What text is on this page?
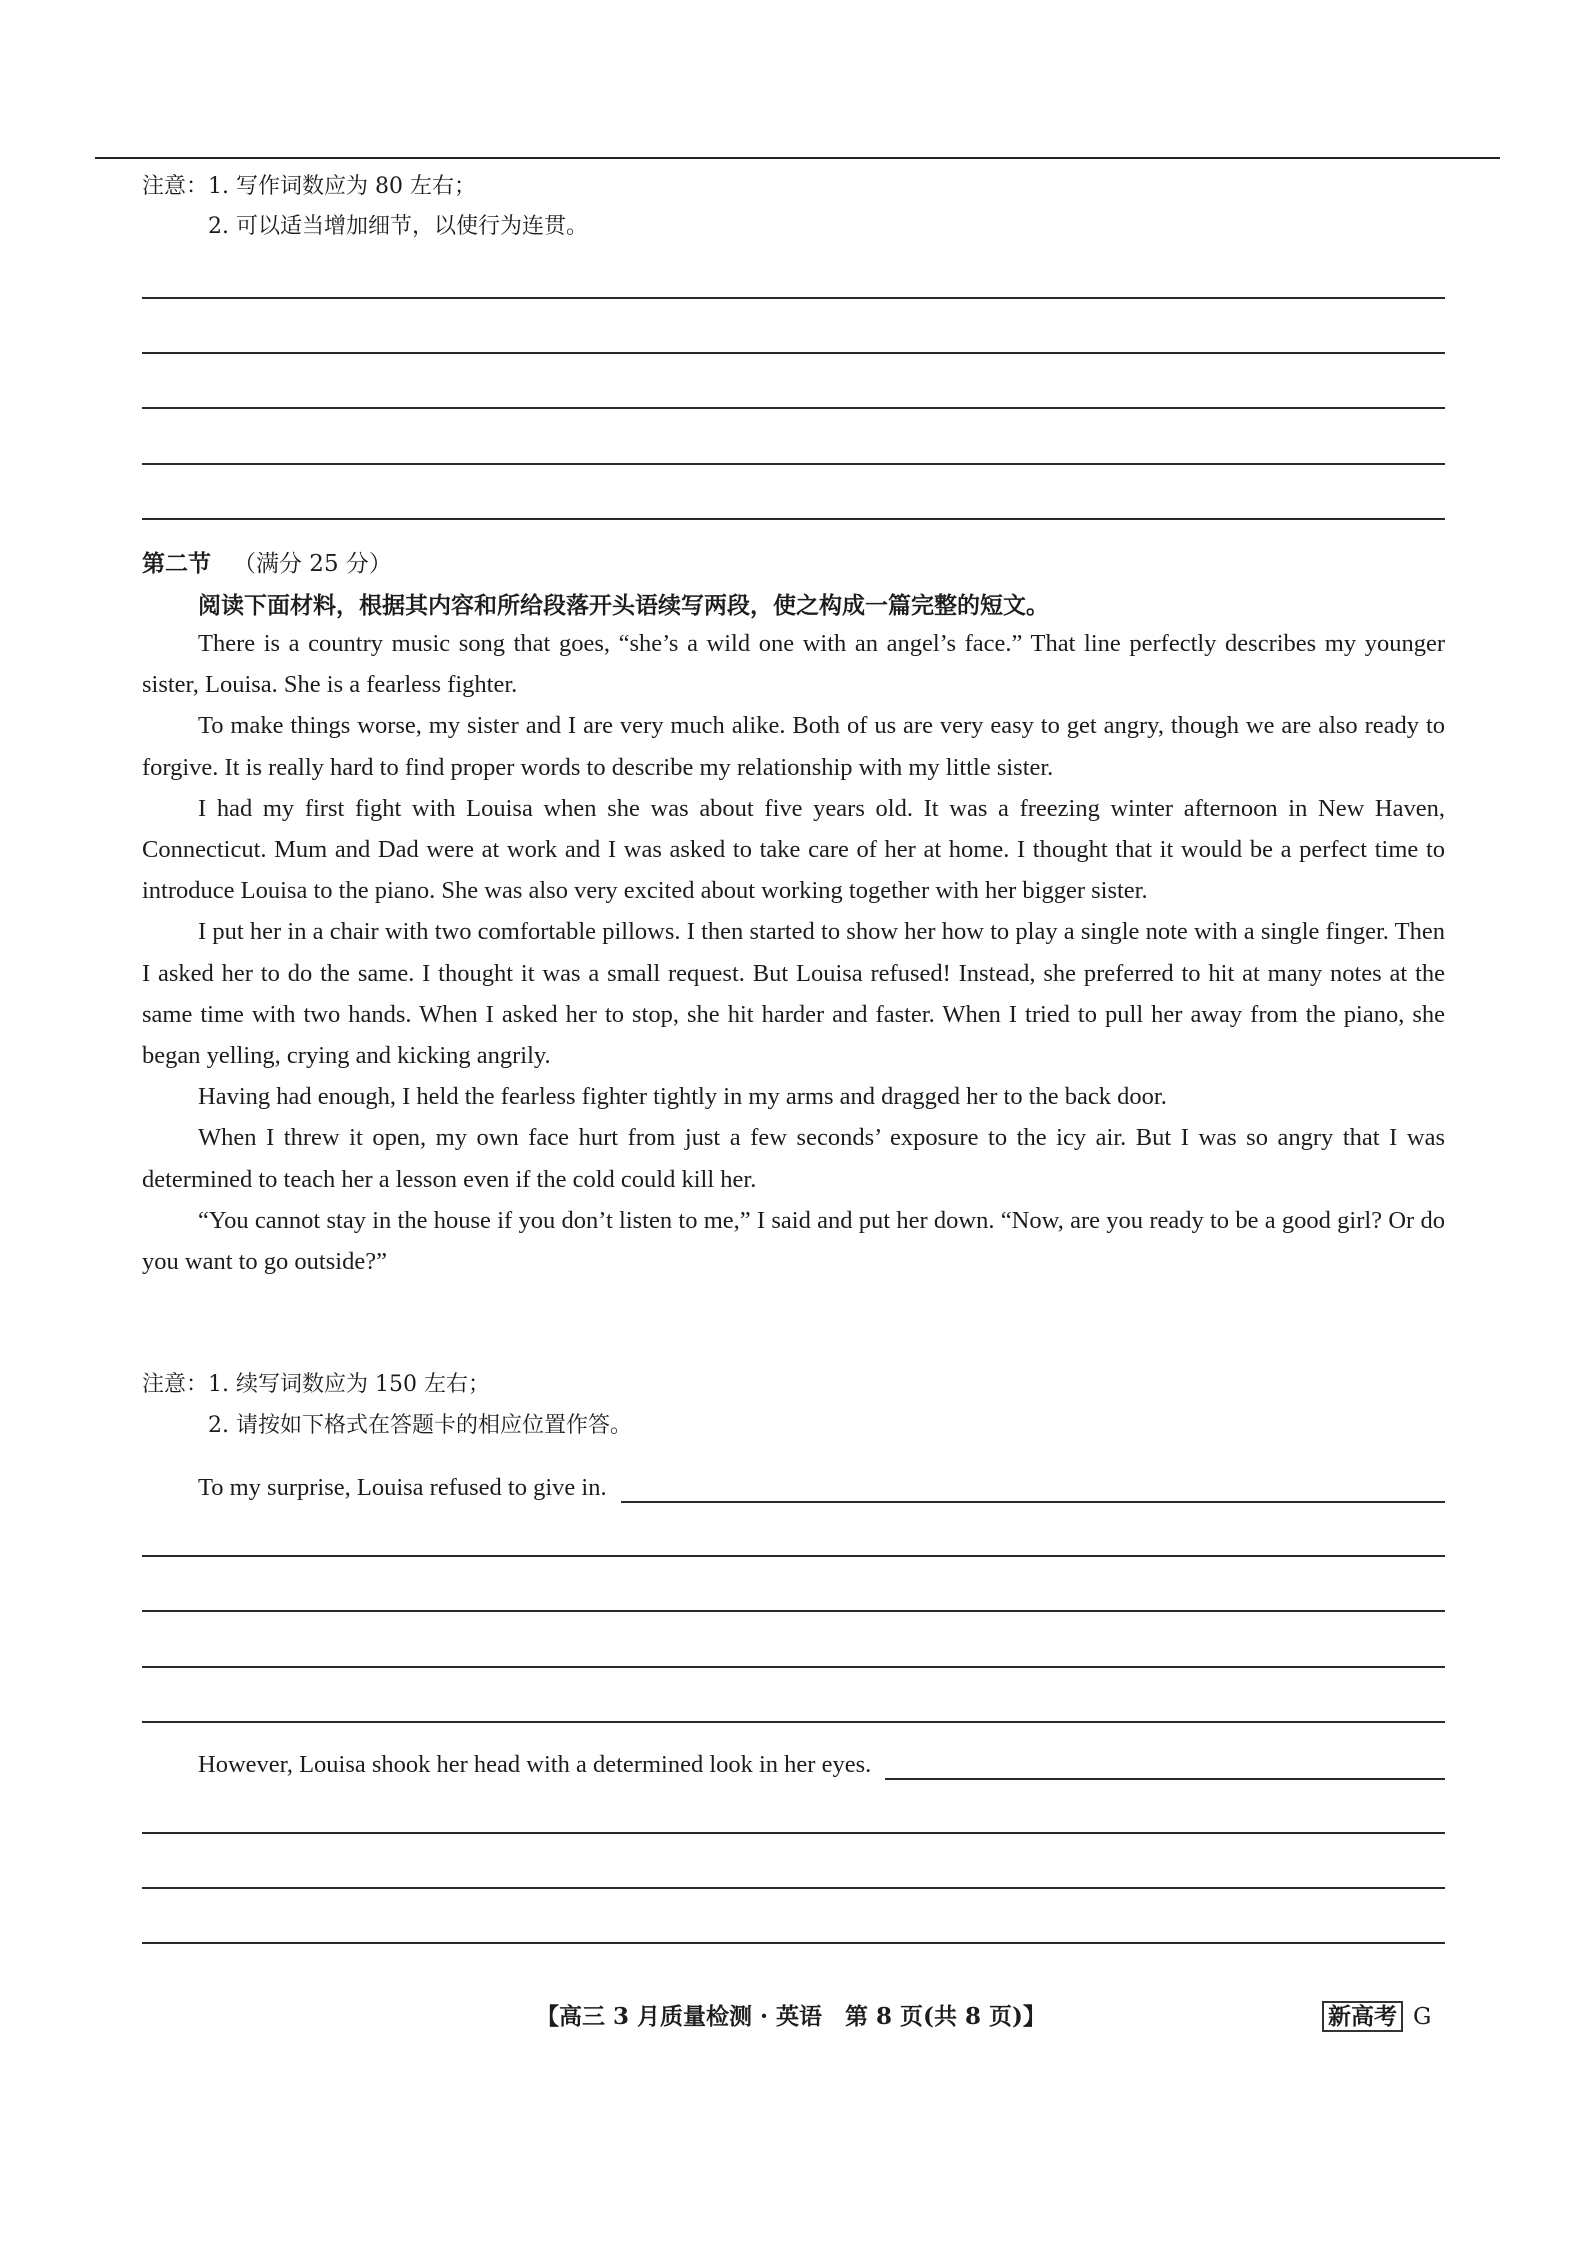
注意：1. 写作词数应为 80 左右；
2. 可以适当增加细节，以使行为连贯。
第二节 （满分 25 分）
阅读下面材料，根据其内容和所给段落开头语续写两段，使之构成一篇完整的短文。

There is a country music song that goes, “she’s a wild one with an angel’s face.” That line perfectly describes my younger sister, Louisa. She is a fearless fighter.

To make things worse, my sister and I are very much alike. Both of us are very easy to get angry, though we are also ready to forgive. It is really hard to find proper words to describe my relationship with my little sister.

I had my first fight with Louisa when she was about five years old. It was a freezing winter afternoon in New Haven, Connecticut. Mum and Dad were at work and I was asked to take care of her at home. I thought that it would be a perfect time to introduce Louisa to the piano. She was also very excited about working together with her bigger sister.

I put her in a chair with two comfortable pillows. I then started to show her how to play a single note with a single finger. Then I asked her to do the same. I thought it was a small request. But Louisa refused! Instead, she preferred to hit at many notes at the same time with two hands. When I asked her to stop, she hit harder and faster. When I tried to pull her away from the piano, she began yelling, crying and kicking angrily.

Having had enough, I held the fearless fighter tightly in my arms and dragged her to the back door.

When I threw it open, my own face hurt from just a few seconds’ exposure to the icy air. But I was so angry that I was determined to teach her a lesson even if the cold could kill her.

“You cannot stay in the house if you don’t listen to me,” I said and put her down. “Now, are you ready to be a good girl? Or do you want to go outside?”

注意：1. 续写词数应为 150 左右；
2. 请按如下格式在答题卡的相应位置作答。
To my surprise, Louisa refused to give in.
However, Louisa shook her head with a determined look in her eyes.
【高三 3 月质量检测 · 英语　第 8 页(共 8 页)】	新高考 G
